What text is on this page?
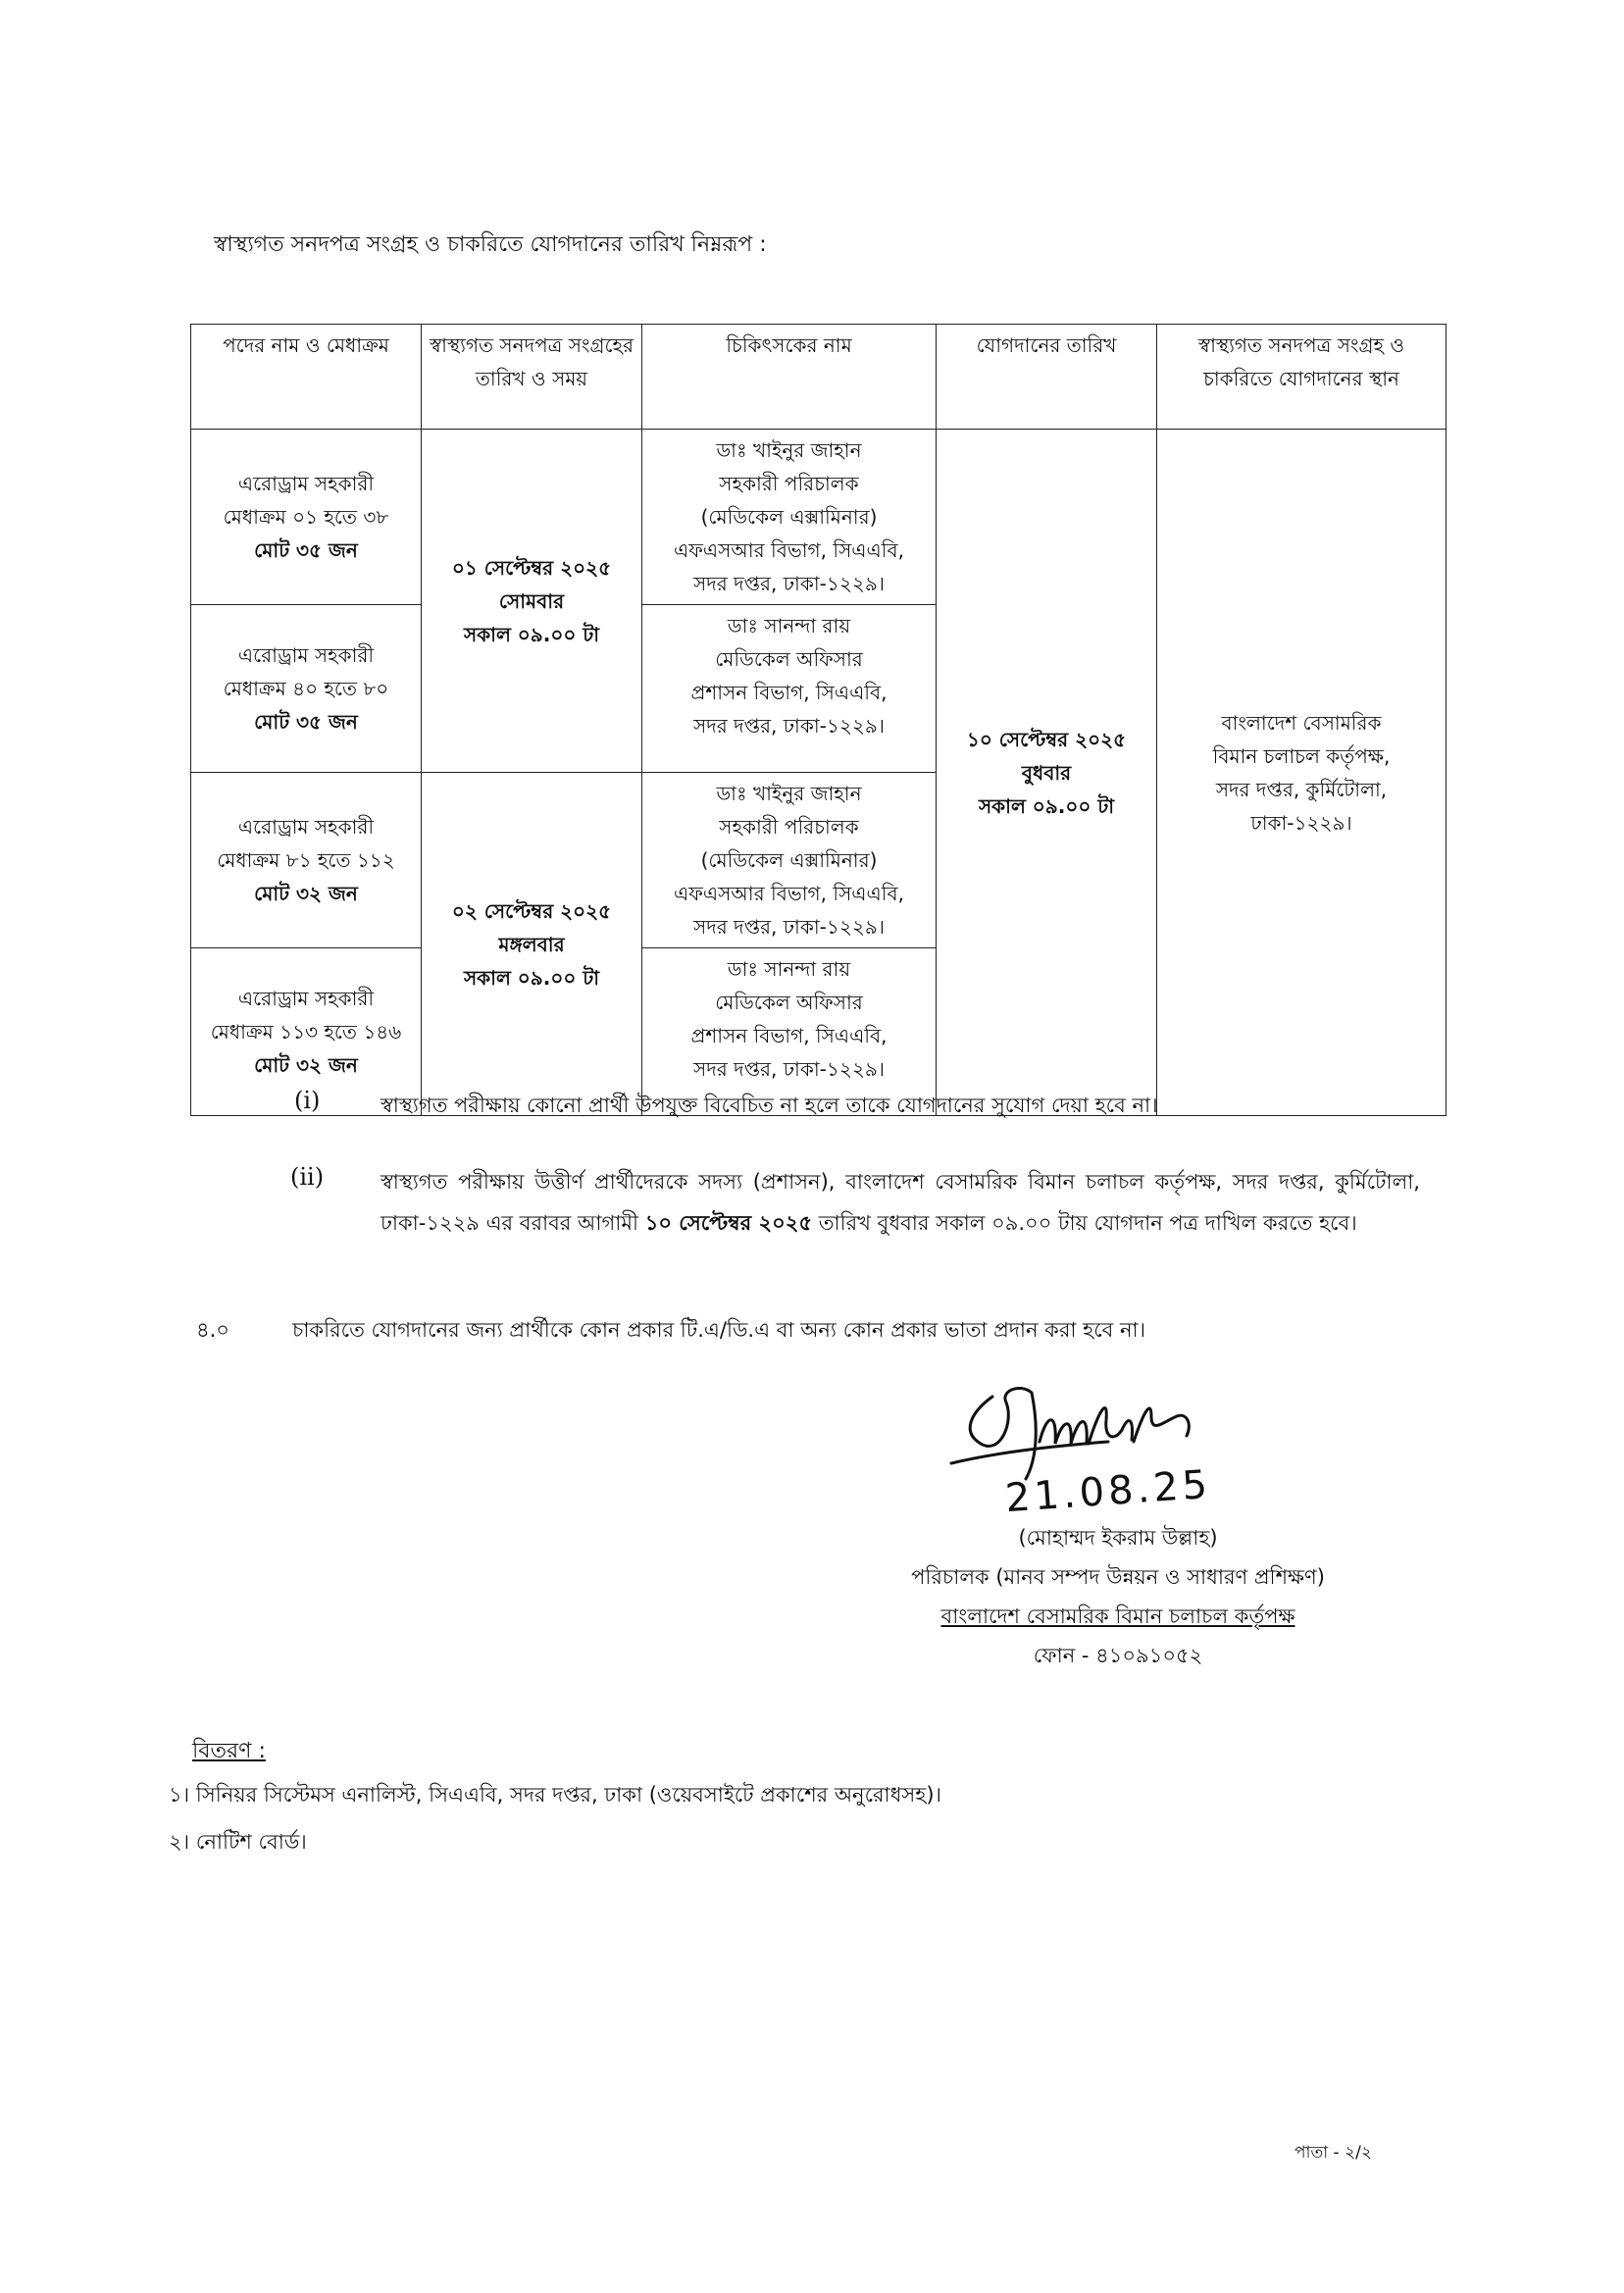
স্বাস্থ্যগত সনদপত্র সংগ্রহ ও চাকরিতে যোগদানের তারিখ নিম্নরূপ :
পদের নাম ও মেধাক্রম	স্বাস্থ্যগত সনদপত্র সংগ্রহের তারিখ ও সময়	চিকিৎসকের নাম	যোগদানের তারিখ	স্বাস্থ্যগত সনদপত্র সংগ্রহ ও চাকরিতে যোগদানের স্থান

এরোড্রাম সহকারী
মেধাক্রম ০১ হতে ৩৮
মোট ৩৫ জন	০১ সেপ্টেম্বর ২০২৫
সোমবার
সকাল ০৯.০০ টা	ডাঃ খাইনুর জাহান
সহকারী পরিচালক
(মেডিকেল এক্সামিনার)
এফএসআর বিভাগ, সিএএবি,
সদর দপ্তর, ঢাকা-১২২৯।	১০ সেপ্টেম্বর ২০২৫
বুধবার
সকাল ০৯.০০ টা	বাংলাদেশ বেসামরিক
বিমান চলাচল কর্তৃপক্ষ,
সদর দপ্তর, কুর্মিটোলা,
ঢাকা-১২২৯।

এরোড্রাম সহকারী
মেধাক্রম ৪০ হতে ৮০
মোট ৩৫ জন		ডাঃ সানন্দা রায়
মেডিকেল অফিসার
প্রশাসন বিভাগ, সিএএবি,
সদর দপ্তর, ঢাকা-১২২৯।		

এরোড্রাম সহকারী
মেধাক্রম ৮১ হতে ১১২
মোট ৩২ জন	০২ সেপ্টেম্বর ২০২৫
মঙ্গলবার
সকাল ০৯.০০ টা	ডাঃ খাইনুর জাহান
সহকারী পরিচালক
(মেডিকেল এক্সামিনার)
এফএসআর বিভাগ, সিএএবি,
সদর দপ্তর, ঢাকা-১২২৯।		

এরোড্রাম সহকারী
মেধাক্রম ১১৩ হতে ১৪৬
মোট ৩২ জন		ডাঃ সানন্দা রায়
মেডিকেল অফিসার
প্রশাসন বিভাগ, সিএএবি,
সদর দপ্তর, ঢাকা-১২২৯।		
(i)	স্বাস্থ্যগত পরীক্ষায় কোনো প্রার্থী উপযুক্ত বিবেচিত না হলে তাকে যোগদানের সুযোগ দেয়া হবে না।
(ii)	স্বাস্থ্যগত পরীক্ষায় উত্তীর্ণ প্রার্থীদেরকে সদস্য (প্রশাসন), বাংলাদেশ বেসামরিক বিমান চলাচল কর্তৃপক্ষ, সদর দপ্তর, কুর্মিটোলা, ঢাকা-১২২৯ এর বরাবর আগামী ১০ সেপ্টেম্বর ২০২৫ তারিখ বুধবার সকাল ০৯.০০ টায় যোগদান পত্র দাখিল করতে হবে।
৪.০	চাকরিতে যোগদানের জন্য প্রার্থীকে কোন প্রকার টি.এ/ডি.এ বা অন্য কোন প্রকার ভাতা প্রদান করা হবে না।
21.08.25
(মোহাম্মদ ইকরাম উল্লাহ)
পরিচালক (মানব সম্পদ উন্নয়ন ও সাধারণ প্রশিক্ষণ)
বাংলাদেশ বেসামরিক বিমান চলাচল কর্তৃপক্ষ
ফোন - ৪১০৯১০৫২
বিতরণ :
১। সিনিয়র সিস্টেমস এনালিস্ট, সিএএবি, সদর দপ্তর, ঢাকা (ওয়েবসাইটে প্রকাশের অনুরোধসহ)।
২। নোটিশ বোর্ড।
পাতা - ২/২
